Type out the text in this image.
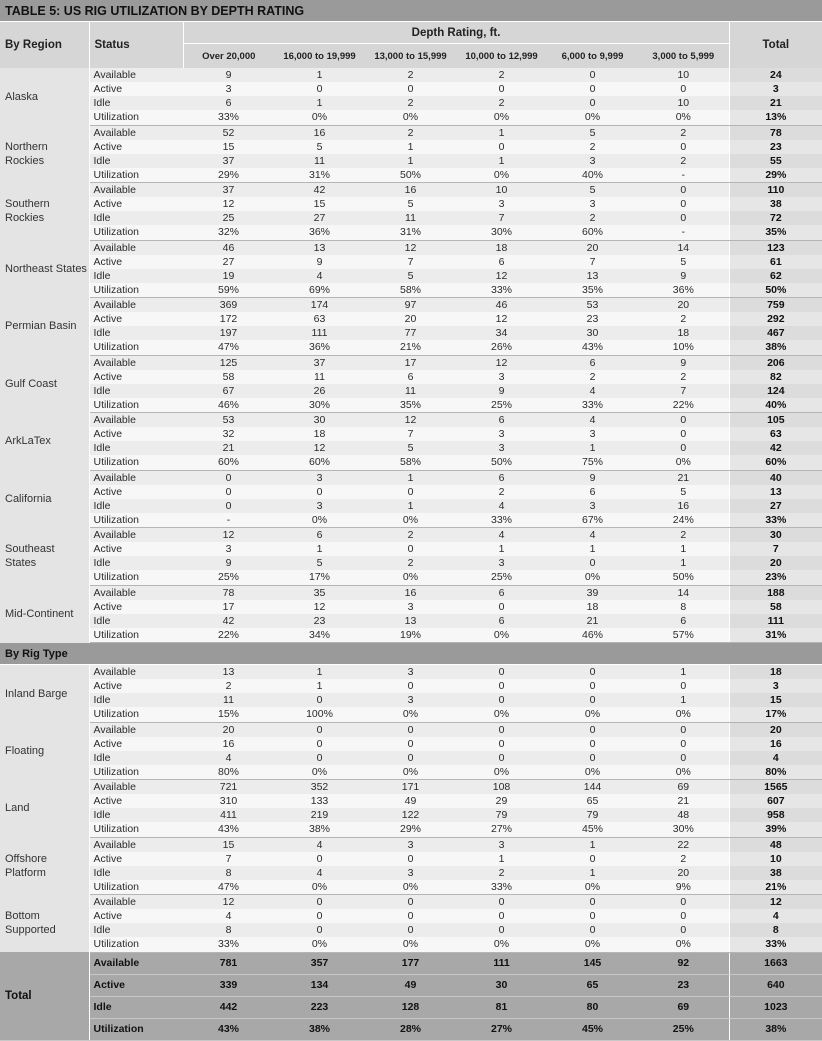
TABLE 5: US RIG UTILIZATION BY DEPTH RATING
By Region	Status	Depth Rating, ft.						Total
		Over 20,000	16,000 to 19,999	13,000 to 15,999	10,000 to 12,999	6,000 to 9,999	3,000 to 5,999	
Alaska	Available	9	1	2	2	0	10	24
	Active	3	0	0	0	0	0	3
	Idle	6	1	2	2	0	10	21
	Utilization	33%	0%	0%	0%	0%	0%	13%
Northern Rockies	Available	52	16	2	1	5	2	78
	Active	15	5	1	0	2	0	23
	Idle	37	11	1	1	3	2	55
	Utilization	29%	31%	50%	0%	40%	-	29%
Southern Rockies	Available	37	42	16	10	5	0	110
	Active	12	15	5	3	3	0	38
	Idle	25	27	11	7	2	0	72
	Utilization	32%	36%	31%	30%	60%	-	35%
Northeast States	Available	46	13	12	18	20	14	123
	Active	27	9	7	6	7	5	61
	Idle	19	4	5	12	13	9	62
	Utilization	59%	69%	58%	33%	35%	36%	50%
Permian Basin	Available	369	174	97	46	53	20	759
	Active	172	63	20	12	23	2	292
	Idle	197	111	77	34	30	18	467
	Utilization	47%	36%	21%	26%	43%	10%	38%
Gulf Coast	Available	125	37	17	12	6	9	206
	Active	58	11	6	3	2	2	82
	Idle	67	26	11	9	4	7	124
	Utilization	46%	30%	35%	25%	33%	22%	40%
ArkLaTex	Available	53	30	12	6	4	0	105
	Active	32	18	7	3	3	0	63
	Idle	21	12	5	3	1	0	42
	Utilization	60%	60%	58%	50%	75%	0%	60%
California	Available	0	3	1	6	9	21	40
	Active	0	0	0	2	6	5	13
	Idle	0	3	1	4	3	16	27
	Utilization	-	0%	0%	33%	67%	24%	33%
Southeast States	Available	12	6	2	4	4	2	30
	Active	3	1	0	1	1	1	7
	Idle	9	5	2	3	0	1	20
	Utilization	25%	17%	0%	25%	0%	50%	23%
Mid-Continent	Available	78	35	16	6	39	14	188
	Active	17	12	3	0	18	8	58
	Idle	42	23	13	6	21	6	111
	Utilization	22%	34%	19%	0%	46%	57%	31%
By Rig Type								
Inland Barge	Available	13	1	3	0	0	1	18
	Active	2	1	0	0	0	0	3
	Idle	11	0	3	0	0	1	15
	Utilization	15%	100%	0%	0%	0%	0%	17%
Floating	Available	20	0	0	0	0	0	20
	Active	16	0	0	0	0	0	16
	Idle	4	0	0	0	0	0	4
	Utilization	80%	0%	0%	0%	0%	0%	80%
Land	Available	721	352	171	108	144	69	1565
	Active	310	133	49	29	65	21	607
	Idle	411	219	122	79	79	48	958
	Utilization	43%	38%	29%	27%	45%	30%	39%
Offshore Platform	Available	15	4	3	3	1	22	48
	Active	7	0	0	1	0	2	10
	Idle	8	4	3	2	1	20	38
	Utilization	47%	0%	0%	33%	0%	9%	21%
Bottom Supported	Available	12	0	0	0	0	0	12
	Active	4	0	0	0	0	0	4
	Idle	8	0	0	0	0	0	8
	Utilization	33%	0%	0%	0%	0%	0%	33%
Total	Available	781	357	177	111	145	92	1663
	Active	339	134	49	30	65	23	640
	Idle	442	223	128	81	80	69	1023
	Utilization	43%	38%	28%	27%	45%	25%	38%
